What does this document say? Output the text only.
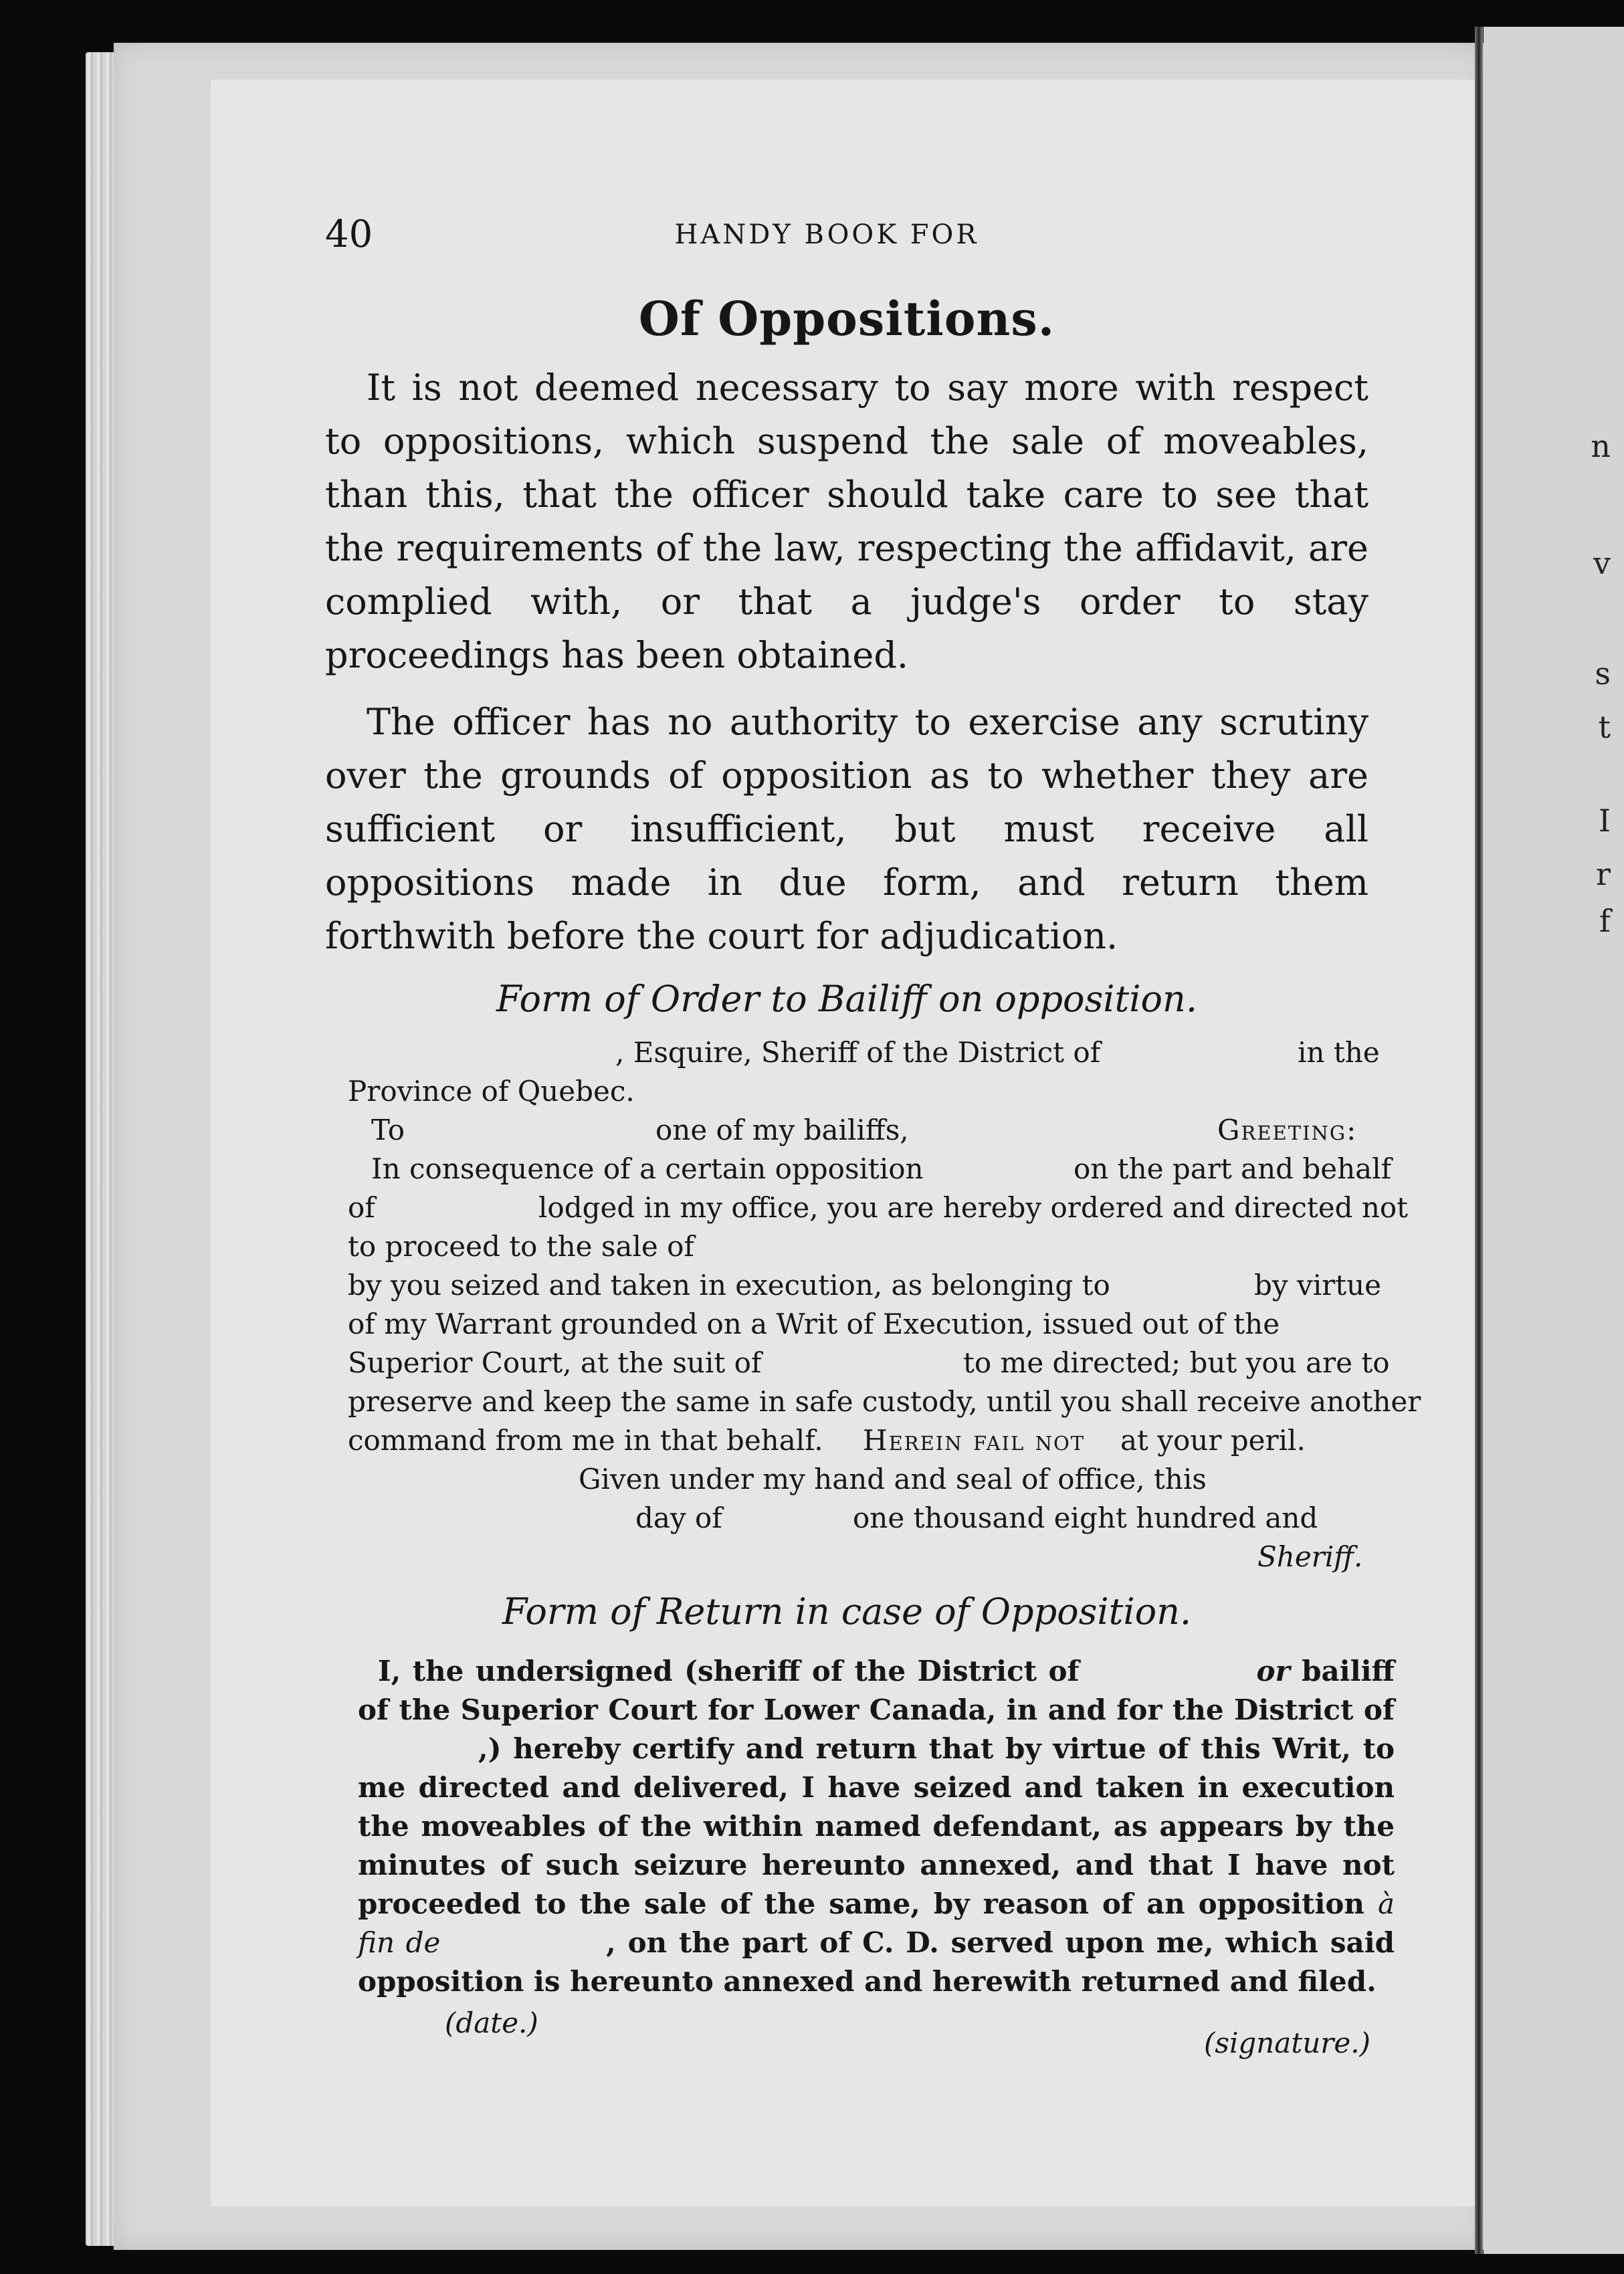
n
v
s
t
I
r
f
40	HANDY BOOK FOR
Of Oppositions.

It is not deemed necessary to say more with respect to oppositions, which suspend the sale of moveables, than this, that the officer should take care to see that the requirements of the law, respecting the affidavit, are complied with, or that a judge's order to stay proceedings has been obtained.

The officer has no authority to exercise any scrutiny over the grounds of opposition as to whether they are sufficient or insufficient, but must receive all oppositions made in due form, and return them forthwith before the court for adjudication.

Form of Order to Bailiff on opposition.
, Esquire, Sheriff of the District of	in the
Province of Quebec.
To	one of my bailiffs,	Greeting:
In consequence of a certain opposition	on the part and behalf
of	lodged in my office, you are hereby ordered and directed not
to proceed to the sale of
by you seized and taken in execution, as belonging to	by virtue
of my Warrant grounded on a Writ of Execution, issued out of the
Superior Court, at the suit of	to me directed; but you are to
preserve and keep the same in safe custody, until you shall receive another
command from me in that behalf. Herein fail not at your peril.
Given under my hand and seal of office, this
day of	one thousand eight hundred and
Sheriff.
Form of Return in case of Opposition.

I, the undersigned (sheriff of the District of	or bailiff of the Superior Court for Lower Canada, in and for the District of ,) hereby certify and return that by virtue of this Writ, to me directed and delivered, I have seized and taken in execution the moveables of the within named defendant, as appears by the minutes of such seizure hereunto annexed, and that I have not proceeded to the sale of the same, by reason of an opposition à fin de	, on the part of C. D. served upon me, which said opposition is hereunto annexed and herewith returned and filed.

(date.)
(signature.)
